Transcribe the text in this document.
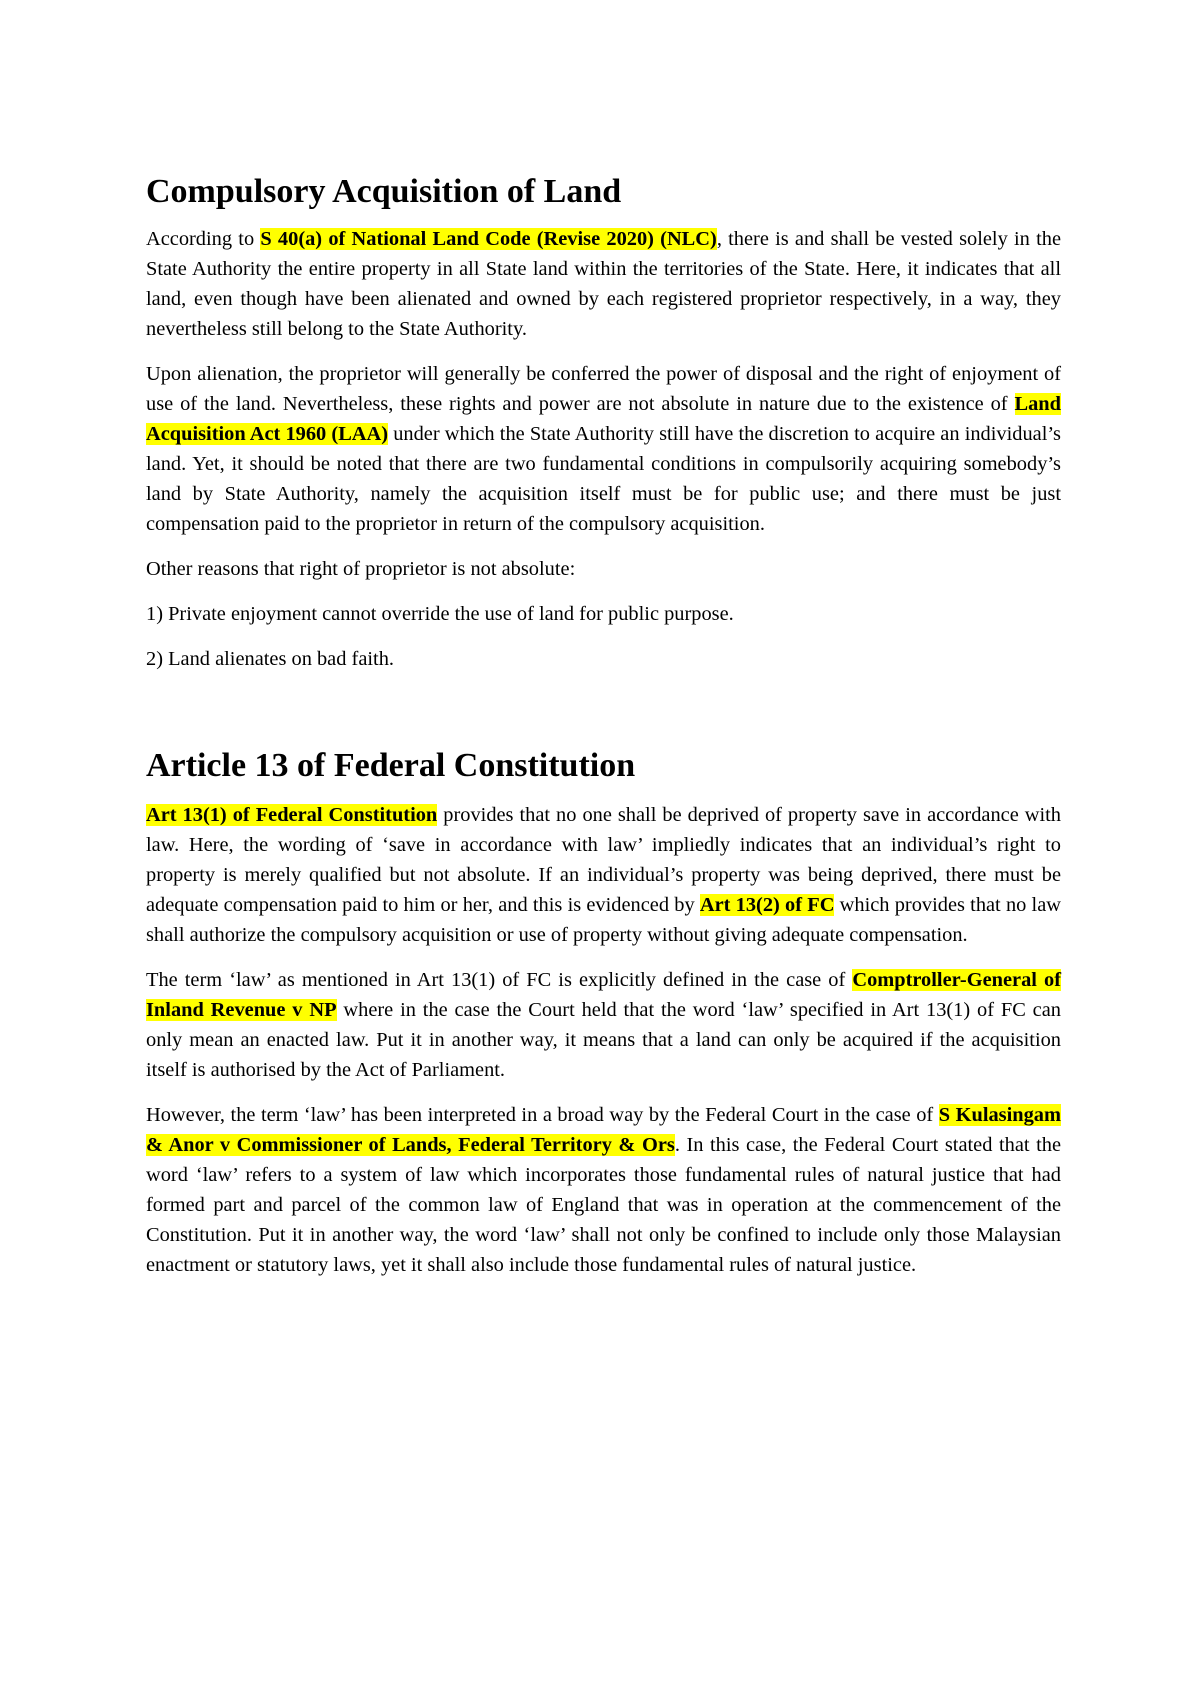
Compulsory Acquisition of Land

According to S 40(a) of National Land Code (Revise 2020) (NLC), there is and shall be vested solely in the State Authority the entire property in all State land within the territories of the State. Here, it indicates that all land, even though have been alienated and owned by each registered proprietor respectively, in a way, they nevertheless still belong to the State Authority.

Upon alienation, the proprietor will generally be conferred the power of disposal and the right of enjoyment of use of the land. Nevertheless, these rights and power are not absolute in nature due to the existence of Land Acquisition Act 1960 (LAA) under which the State Authority still have the discretion to acquire an individual’s land. Yet, it should be noted that there are two fundamental conditions in compulsorily acquiring somebody’s land by State Authority, namely the acquisition itself must be for public use; and there must be just compensation paid to the proprietor in return of the compulsory acquisition.

Other reasons that right of proprietor is not absolute:

1) Private enjoyment cannot override the use of land for public purpose.

2) Land alienates on bad faith.

Article 13 of Federal Constitution

Art 13(1) of Federal Constitution provides that no one shall be deprived of property save in accordance with law. Here, the wording of ‘save in accordance with law’ impliedly indicates that an individual’s right to property is merely qualified but not absolute. If an individual’s property was being deprived, there must be adequate compensation paid to him or her, and this is evidenced by Art 13(2) of FC which provides that no law shall authorize the compulsory acquisition or use of property without giving adequate compensation.

The term ‘law’ as mentioned in Art 13(1) of FC is explicitly defined in the case of Comptroller-General of Inland Revenue v NP where in the case the Court held that the word ‘law’ specified in Art 13(1) of FC can only mean an enacted law. Put it in another way, it means that a land can only be acquired if the acquisition itself is authorised by the Act of Parliament.

However, the term ‘law’ has been interpreted in a broad way by the Federal Court in the case of S Kulasingam & Anor v Commissioner of Lands, Federal Territory & Ors. In this case, the Federal Court stated that the word ‘law’ refers to a system of law which incorporates those fundamental rules of natural justice that had formed part and parcel of the common law of England that was in operation at the commencement of the Constitution. Put it in another way, the word ‘law’ shall not only be confined to include only those Malaysian enactment or statutory laws, yet it shall also include those fundamental rules of natural justice.
